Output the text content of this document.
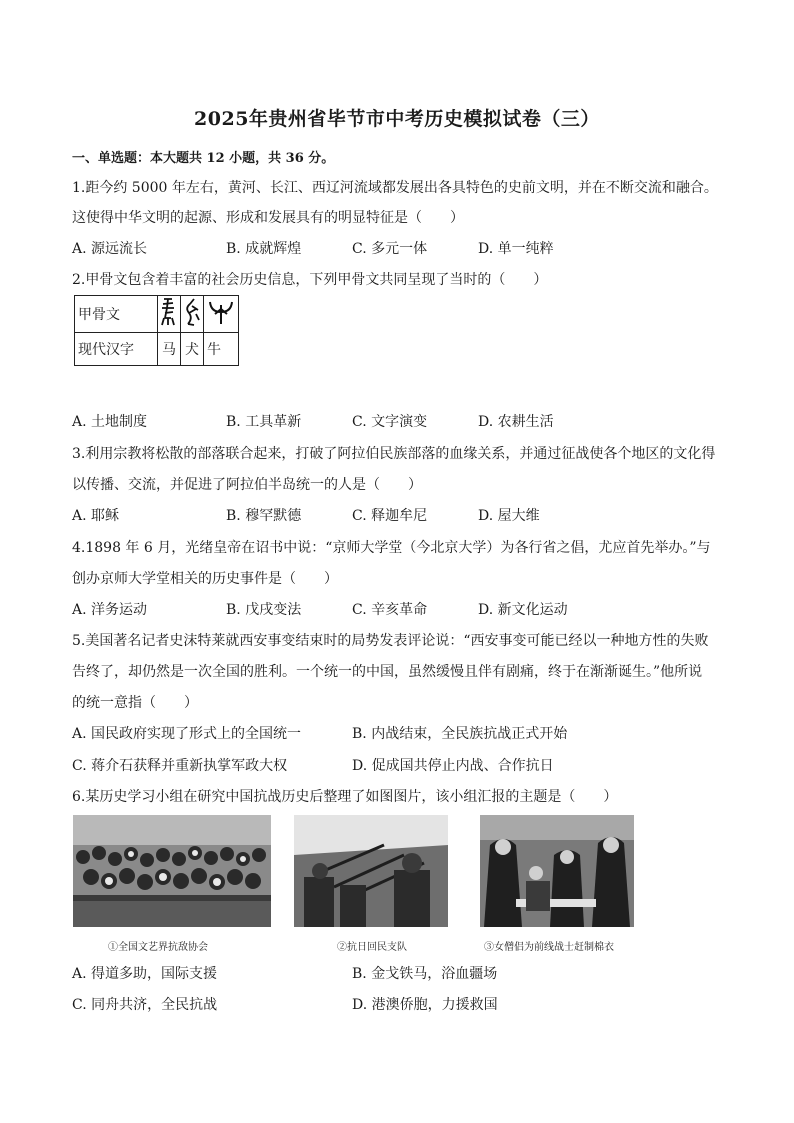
2025年贵州省毕节市中考历史模拟试卷（三）
一、单选题：本大题共 12 小题，共 36 分。
1.距今约 5000 年左右，黄河、长江、西辽河流域都发展出各具特色的史前文明，并在不断交流和融合。
这使得中华文明的起源、形成和发展具有的明显特征是（　　）
A. 源远流长	B. 成就辉煌	C. 多元一体	D. 单一纯粹
2.甲骨文包含着丰富的社会历史信息，下列甲骨文共同呈现了当时的（　　）
甲骨文			
现代汉字	马	犬	牛
A. 土地制度	B. 工具革新	C. 文字演变	D. 农耕生活
3.利用宗教将松散的部落联合起来，打破了阿拉伯民族部落的血缘关系，并通过征战使各个地区的文化得
以传播、交流，并促进了阿拉伯半岛统一的人是（　　）
A. 耶稣	B. 穆罕默德	C. 释迦牟尼	D. 屋大维
4.1898 年 6 月，光绪皇帝在诏书中说：“京师大学堂（今北京大学）为各行省之倡，尤应首先举办。”与
创办京师大学堂相关的历史事件是（　　）
A. 洋务运动	B. 戊戌变法	C. 辛亥革命	D. 新文化运动
5.美国著名记者史沫特莱就西安事变结束时的局势发表评论说：“西安事变可能已经以一种地方性的失败
告终了，却仍然是一次全国的胜利。一个统一的中国，虽然缓慢且伴有剧痛，终于在渐渐诞生。”他所说
的统一意指（　　）
A. 国民政府实现了形式上的全国统一	B. 内战结束，全民族抗战正式开始
C. 蒋介石获释并重新执掌军政大权	D. 促成国共停止内战、合作抗日
6.某历史学习小组在研究中国抗战历史后整理了如图图片，该小组汇报的主题是（　　）
①全国文艺界抗敌协会	②抗日回民支队	③女僧侣为前线战士赶制棉衣
A. 得道多助，国际支援	B. 金戈铁马，浴血疆场
C. 同舟共济，全民抗战	D. 港澳侨胞，力援救国
